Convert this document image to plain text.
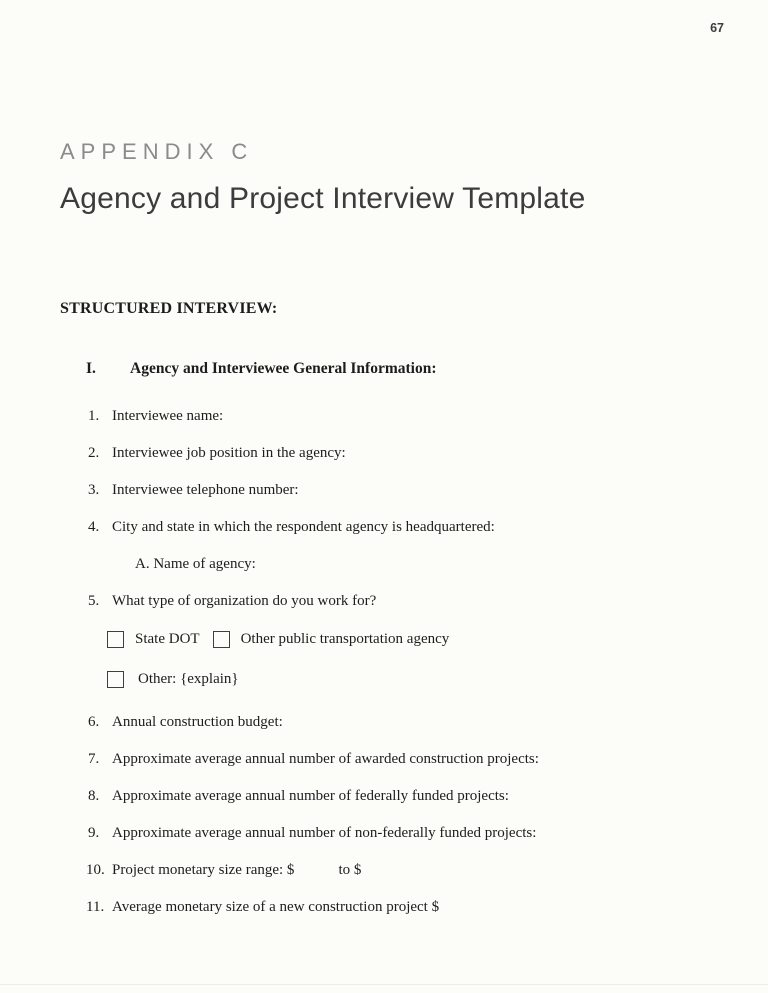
67
APPENDIX C
Agency and Project Interview Template
STRUCTURED INTERVIEW:
I.	Agency and Interviewee General Information:
1. Interviewee name:
2. Interviewee job position in the agency:
3. Interviewee telephone number:
4. City and state in which the respondent agency is headquartered:
A. Name of agency:
5. What type of organization do you work for?
State DOT	Other public transportation agency
Other: {explain}
6. Annual construction budget:
7. Approximate average annual number of awarded construction projects:
8. Approximate average annual number of federally funded projects:
9. Approximate average annual number of non-federally funded projects:
10. Project monetary size range: $	to $
11. Average monetary size of a new construction project $
